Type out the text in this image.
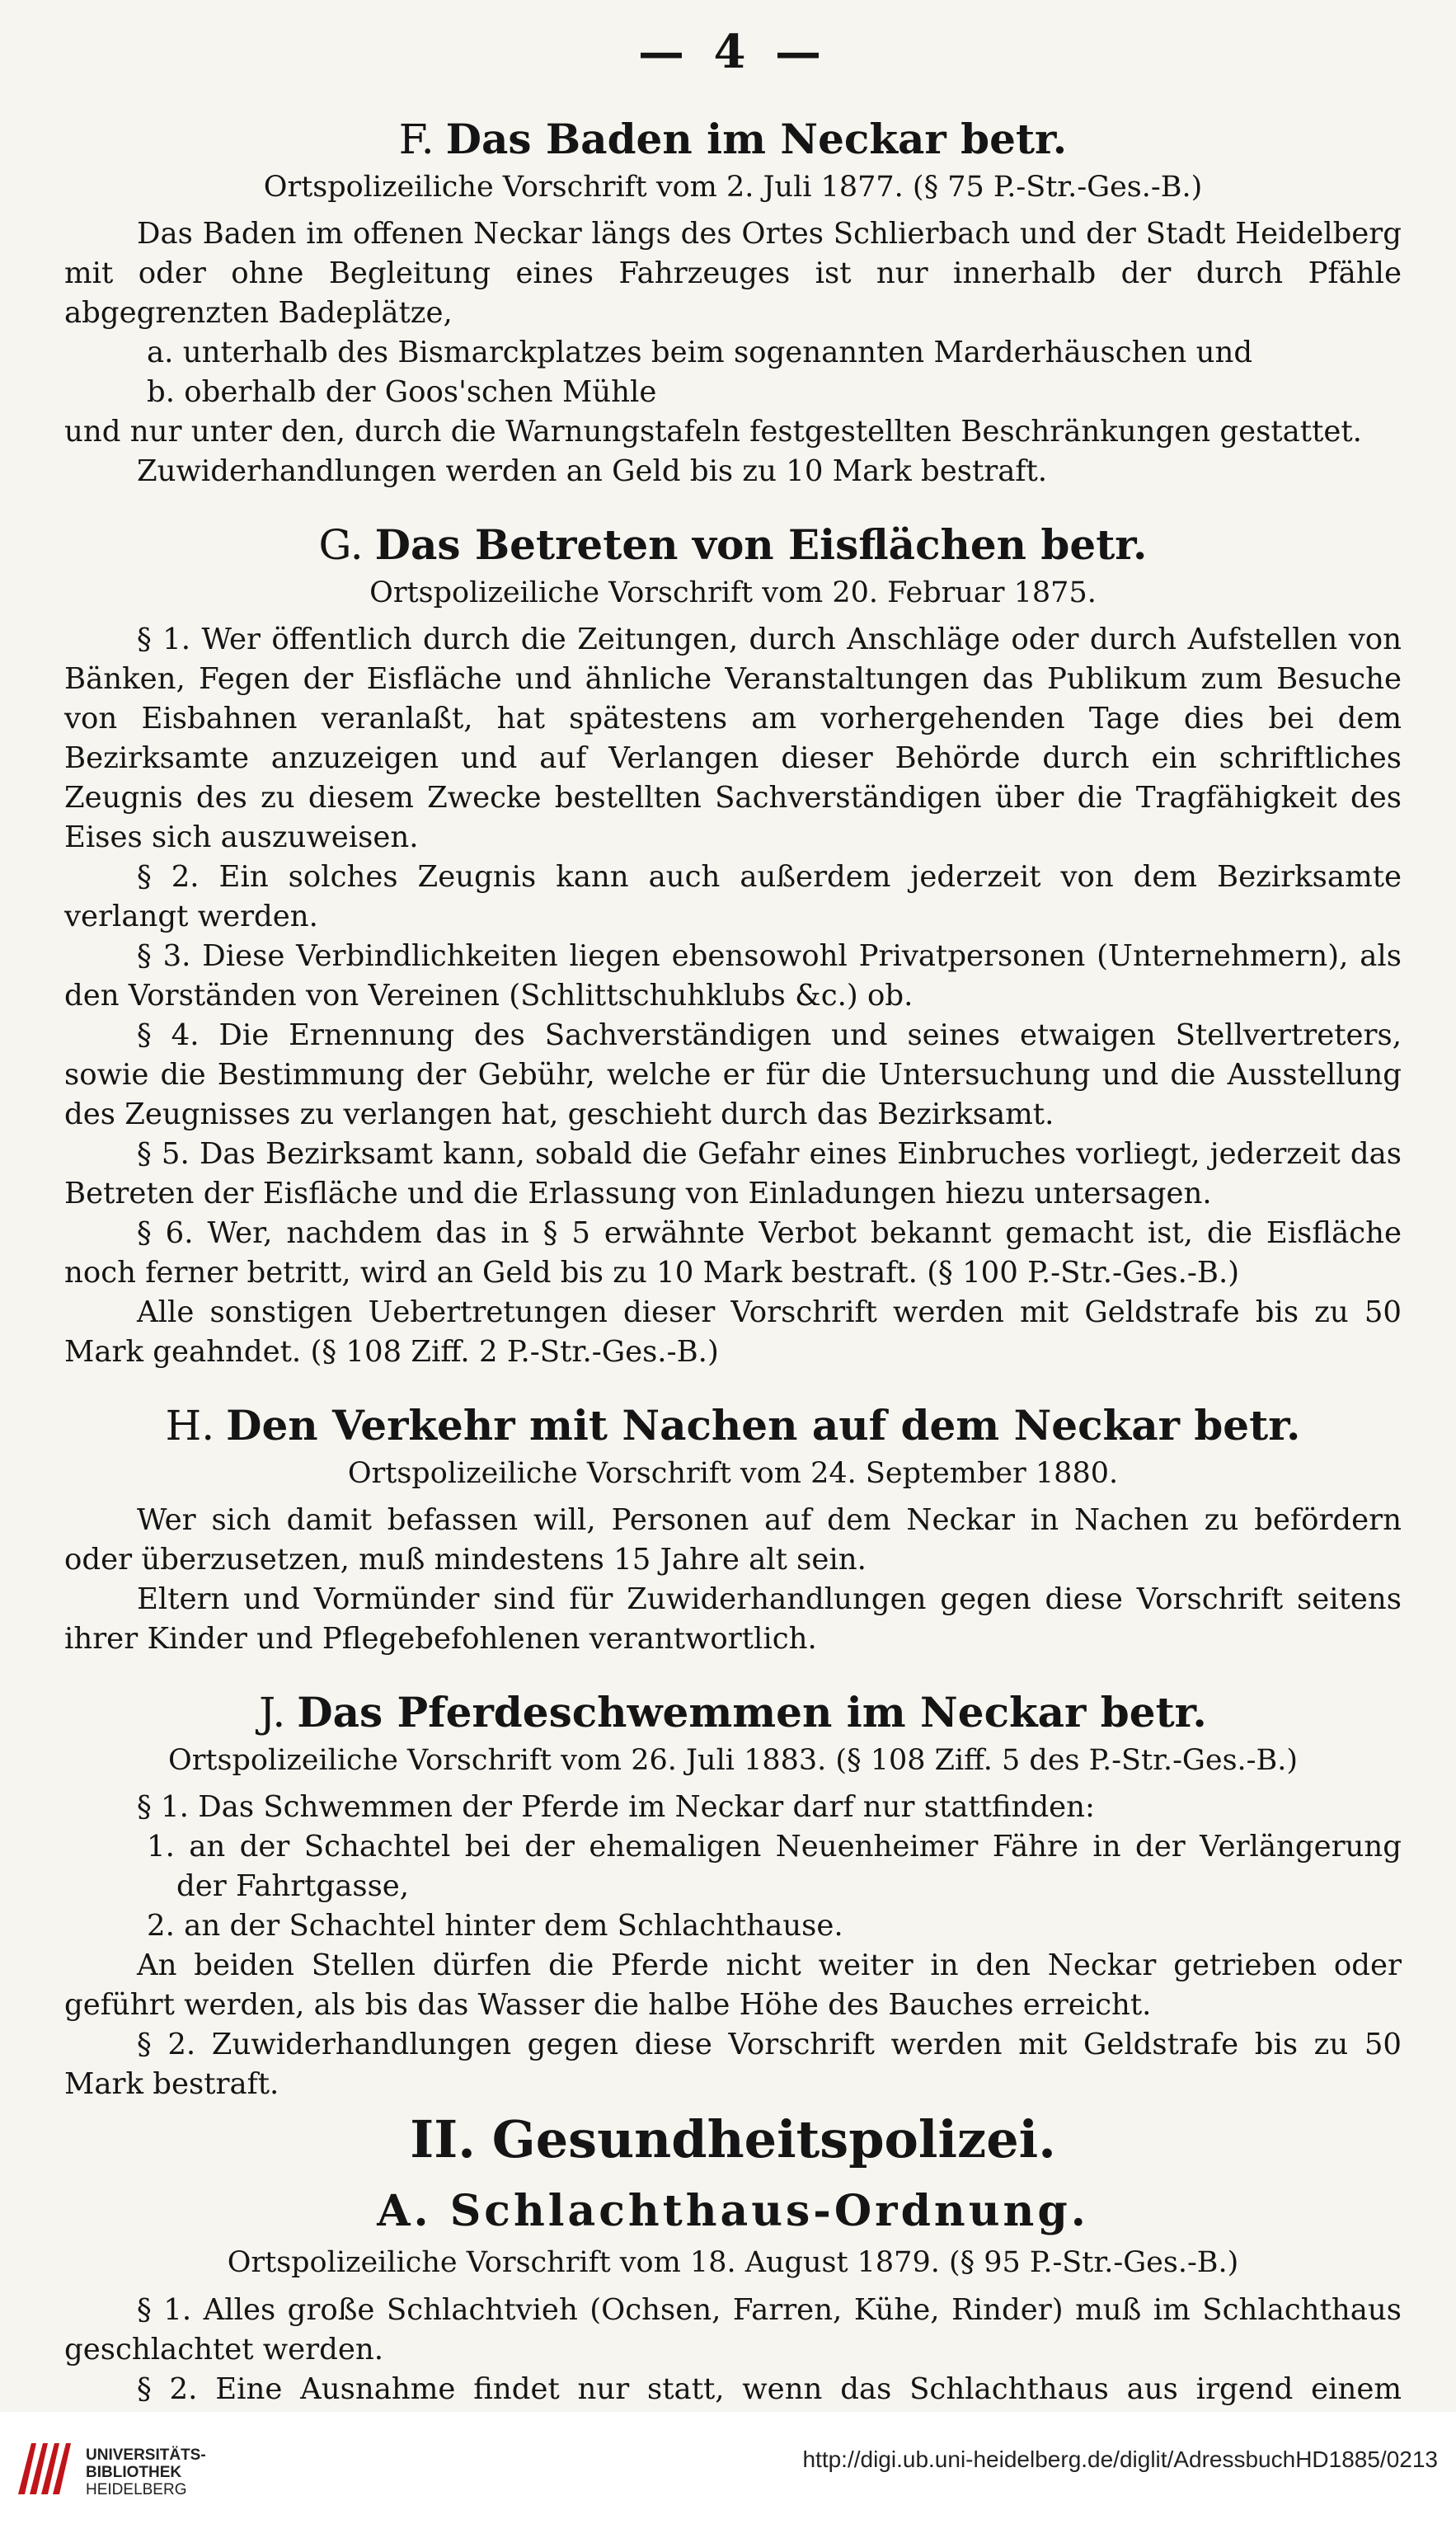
— 4 —
F. Das Baden im Neckar betr.
Ortspolizeiliche Vorschrift vom 2. Juli 1877. (§ 75 P.-Str.-Ges.-B.)

Das Baden im offenen Neckar längs des Ortes Schlierbach und der Stadt Heidelberg mit oder ohne Begleitung eines Fahrzeuges ist nur innerhalb der durch Pfähle abgegrenzten Badeplätze,

a. unterhalb des Bismarckplatzes beim sogenannten Marderhäuschen und

b. oberhalb der Goos'schen Mühle

und nur unter den, durch die Warnungstafeln festgestellten Beschränkungen gestattet.

Zuwiderhandlungen werden an Geld bis zu 10 Mark bestraft.

G. Das Betreten von Eisflächen betr.
Ortspolizeiliche Vorschrift vom 20. Februar 1875.

§ 1. Wer öffentlich durch die Zeitungen, durch Anschläge oder durch Aufstellen von Bänken, Fegen der Eisfläche und ähnliche Veranstaltungen das Publikum zum Besuche von Eisbahnen veranlaßt, hat spätestens am vorhergehenden Tage dies bei dem Bezirksamte anzuzeigen und auf Verlangen dieser Behörde durch ein schriftliches Zeugnis des zu diesem Zwecke bestellten Sachverständigen über die Tragfähigkeit des Eises sich auszuweisen.

§ 2. Ein solches Zeugnis kann auch außerdem jederzeit von dem Bezirksamte verlangt werden.

§ 3. Diese Verbindlichkeiten liegen ebensowohl Privatpersonen (Unternehmern), als den Vorständen von Vereinen (Schlittschuhklubs &c.) ob.

§ 4. Die Ernennung des Sachverständigen und seines etwaigen Stellvertreters, sowie die Bestimmung der Gebühr, welche er für die Untersuchung und die Ausstellung des Zeugnisses zu verlangen hat, geschieht durch das Bezirksamt.

§ 5. Das Bezirksamt kann, sobald die Gefahr eines Einbruches vorliegt, jederzeit das Betreten der Eisfläche und die Erlassung von Einladungen hiezu untersagen.

§ 6. Wer, nachdem das in § 5 erwähnte Verbot bekannt gemacht ist, die Eisfläche noch ferner betritt, wird an Geld bis zu 10 Mark bestraft. (§ 100 P.-Str.-Ges.-B.)

Alle sonstigen Uebertretungen dieser Vorschrift werden mit Geldstrafe bis zu 50 Mark geahndet. (§ 108 Ziff. 2 P.-Str.-Ges.-B.)

H. Den Verkehr mit Nachen auf dem Neckar betr.
Ortspolizeiliche Vorschrift vom 24. September 1880.

Wer sich damit befassen will, Personen auf dem Neckar in Nachen zu befördern oder überzusetzen, muß mindestens 15 Jahre alt sein.

Eltern und Vormünder sind für Zuwiderhandlungen gegen diese Vorschrift seitens ihrer Kinder und Pflegebefohlenen verantwortlich.

J. Das Pferdeschwemmen im Neckar betr.
Ortspolizeiliche Vorschrift vom 26. Juli 1883. (§ 108 Ziff. 5 des P.-Str.-Ges.-B.)

§ 1. Das Schwemmen der Pferde im Neckar darf nur stattfinden:

1. an der Schachtel bei der ehemaligen Neuenheimer Fähre in der Verlängerung der Fahrtgasse,

2. an der Schachtel hinter dem Schlachthause.

An beiden Stellen dürfen die Pferde nicht weiter in den Neckar getrieben oder geführt werden, als bis das Wasser die halbe Höhe des Bauches erreicht.

§ 2. Zuwiderhandlungen gegen diese Vorschrift werden mit Geldstrafe bis zu 50 Mark bestraft.

II. Gesundheitspolizei.
A. Schlachthaus-Ordnung.
Ortspolizeiliche Vorschrift vom 18. August 1879. (§ 95 P.-Str.-Ges.-B.)

§ 1. Alles große Schlachtvieh (Ochsen, Farren, Kühe, Rinder) muß im Schlachthaus geschlachtet werden.

§ 2. Eine Ausnahme findet nur statt, wenn das Schlachthaus aus irgend einem

UNIVERSITÄTS-
BIBLIOTHEK
HEIDELBERG
http://digi.ub.uni-heidelberg.de/diglit/AdressbuchHD1885/0213
